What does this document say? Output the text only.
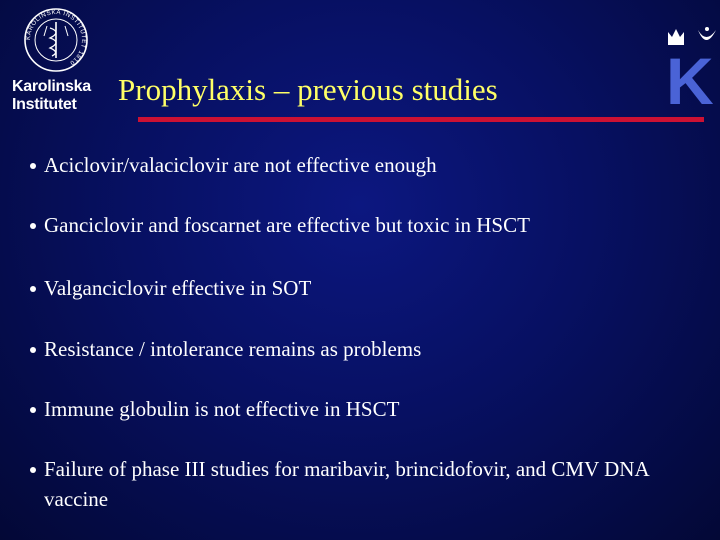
KAROLINSKA INSTITUTET 1810
Karolinska
Institutet Prophylaxis – previous studies	K
Aciclovir/valaciclovir are not effective enough
Ganciclovir and foscarnet are effective but toxic in HSCT
Valganciclovir effective in SOT
Resistance / intolerance remains as problems
Immune globulin is not effective in HSCT
Failure of phase III studies for maribavir, brincidofovir, and CMV DNA vaccine
